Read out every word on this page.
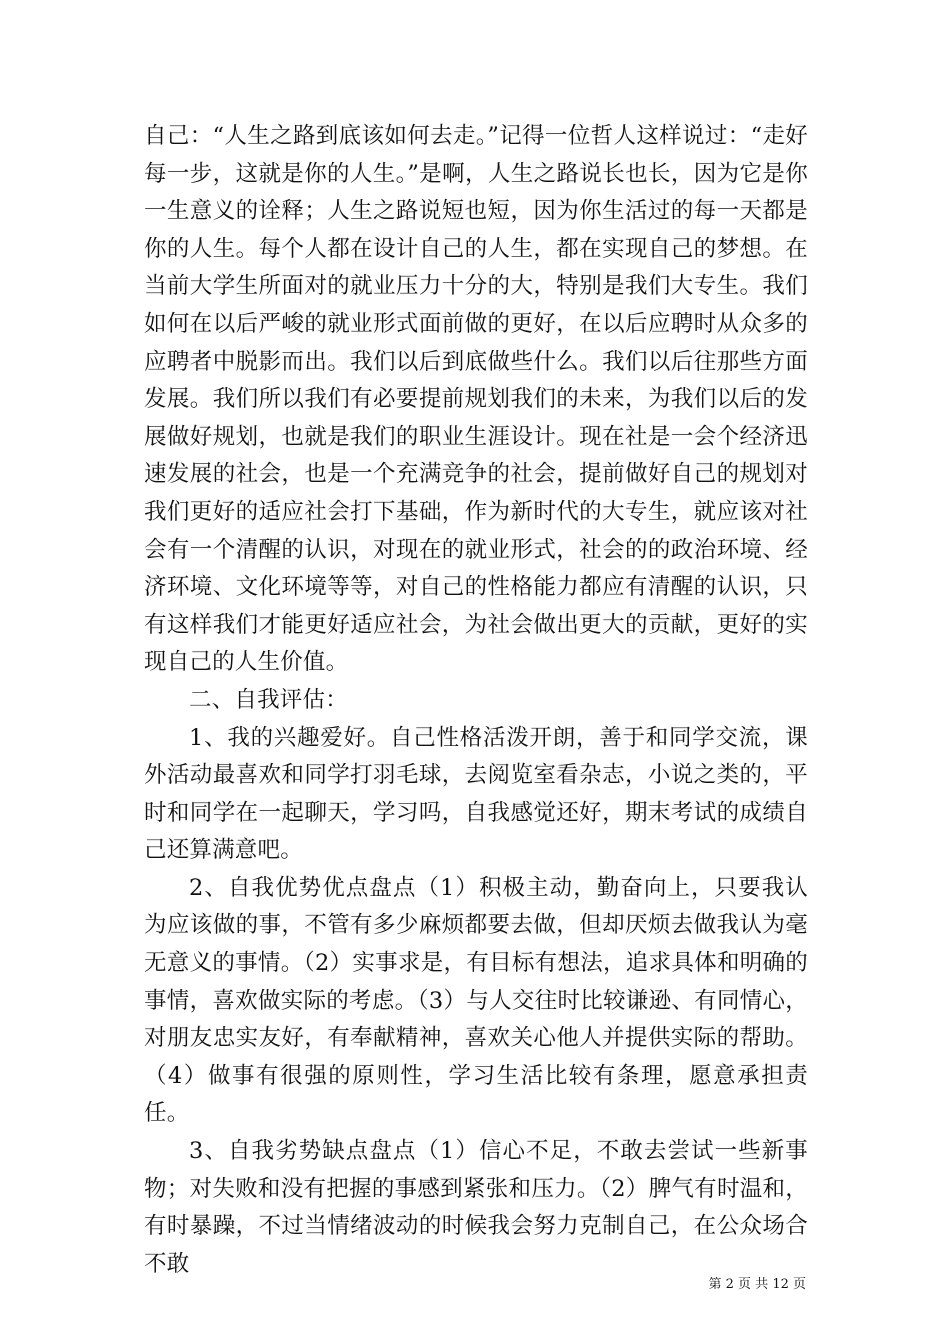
自己：“人生之路到底该如何去走。”记得一位哲人这样说过：“走好每一步，这就是你的人生。”是啊，人生之路说长也长，因为它是你一生意义的诠释；人生之路说短也短，因为你生活过的每一天都是你的人生。每个人都在设计自己的人生，都在实现自己的梦想。在当前大学生所面对的就业压力十分的大，特别是我们大专生。我们如何在以后严峻的就业形式面前做的更好，在以后应聘时从众多的应聘者中脱影而出。我们以后到底做些什么。我们以后往那些方面发展。我们所以我们有必要提前规划我们的未来，为我们以后的发展做好规划，也就是我们的职业生涯设计。现在社是一会个经济迅速发展的社会，也是一个充满竞争的社会，提前做好自己的规划对我们更好的适应社会打下基础，作为新时代的大专生，就应该对社会有一个清醒的认识，对现在的就业形式，社会的的政治环境、经济环境、文化环境等等，对自己的性格能力都应有清醒的认识，只有这样我们才能更好适应社会，为社会做出更大的贡献，更好的实现自己的人生价值。

二、自我评估：

1、我的兴趣爱好。自己性格活泼开朗，善于和同学交流，课外活动最喜欢和同学打羽毛球，去阅览室看杂志，小说之类的，平时和同学在一起聊天，学习吗，自我感觉还好，期末考试的成绩自己还算满意吧。

2、自我优势优点盘点（1）积极主动，勤奋向上，只要我认为应该做的事，不管有多少麻烦都要去做，但却厌烦去做我认为毫无意义的事情。（2）实事求是，有目标有想法，追求具体和明确的事情，喜欢做实际的考虑。（3）与人交往时比较谦逊、有同情心，对朋友忠实友好，有奉献精神，喜欢关心他人并提供实际的帮助。（4）做事有很强的原则性，学习生活比较有条理，愿意承担责任。

3、自我劣势缺点盘点（1）信心不足，不敢去尝试一些新事物；对失败和没有把握的事感到紧张和压力。（2）脾气有时温和，有时暴躁，不过当情绪波动的时候我会努力克制自己，在公众场合不敢

第 2 页 共 12 页
